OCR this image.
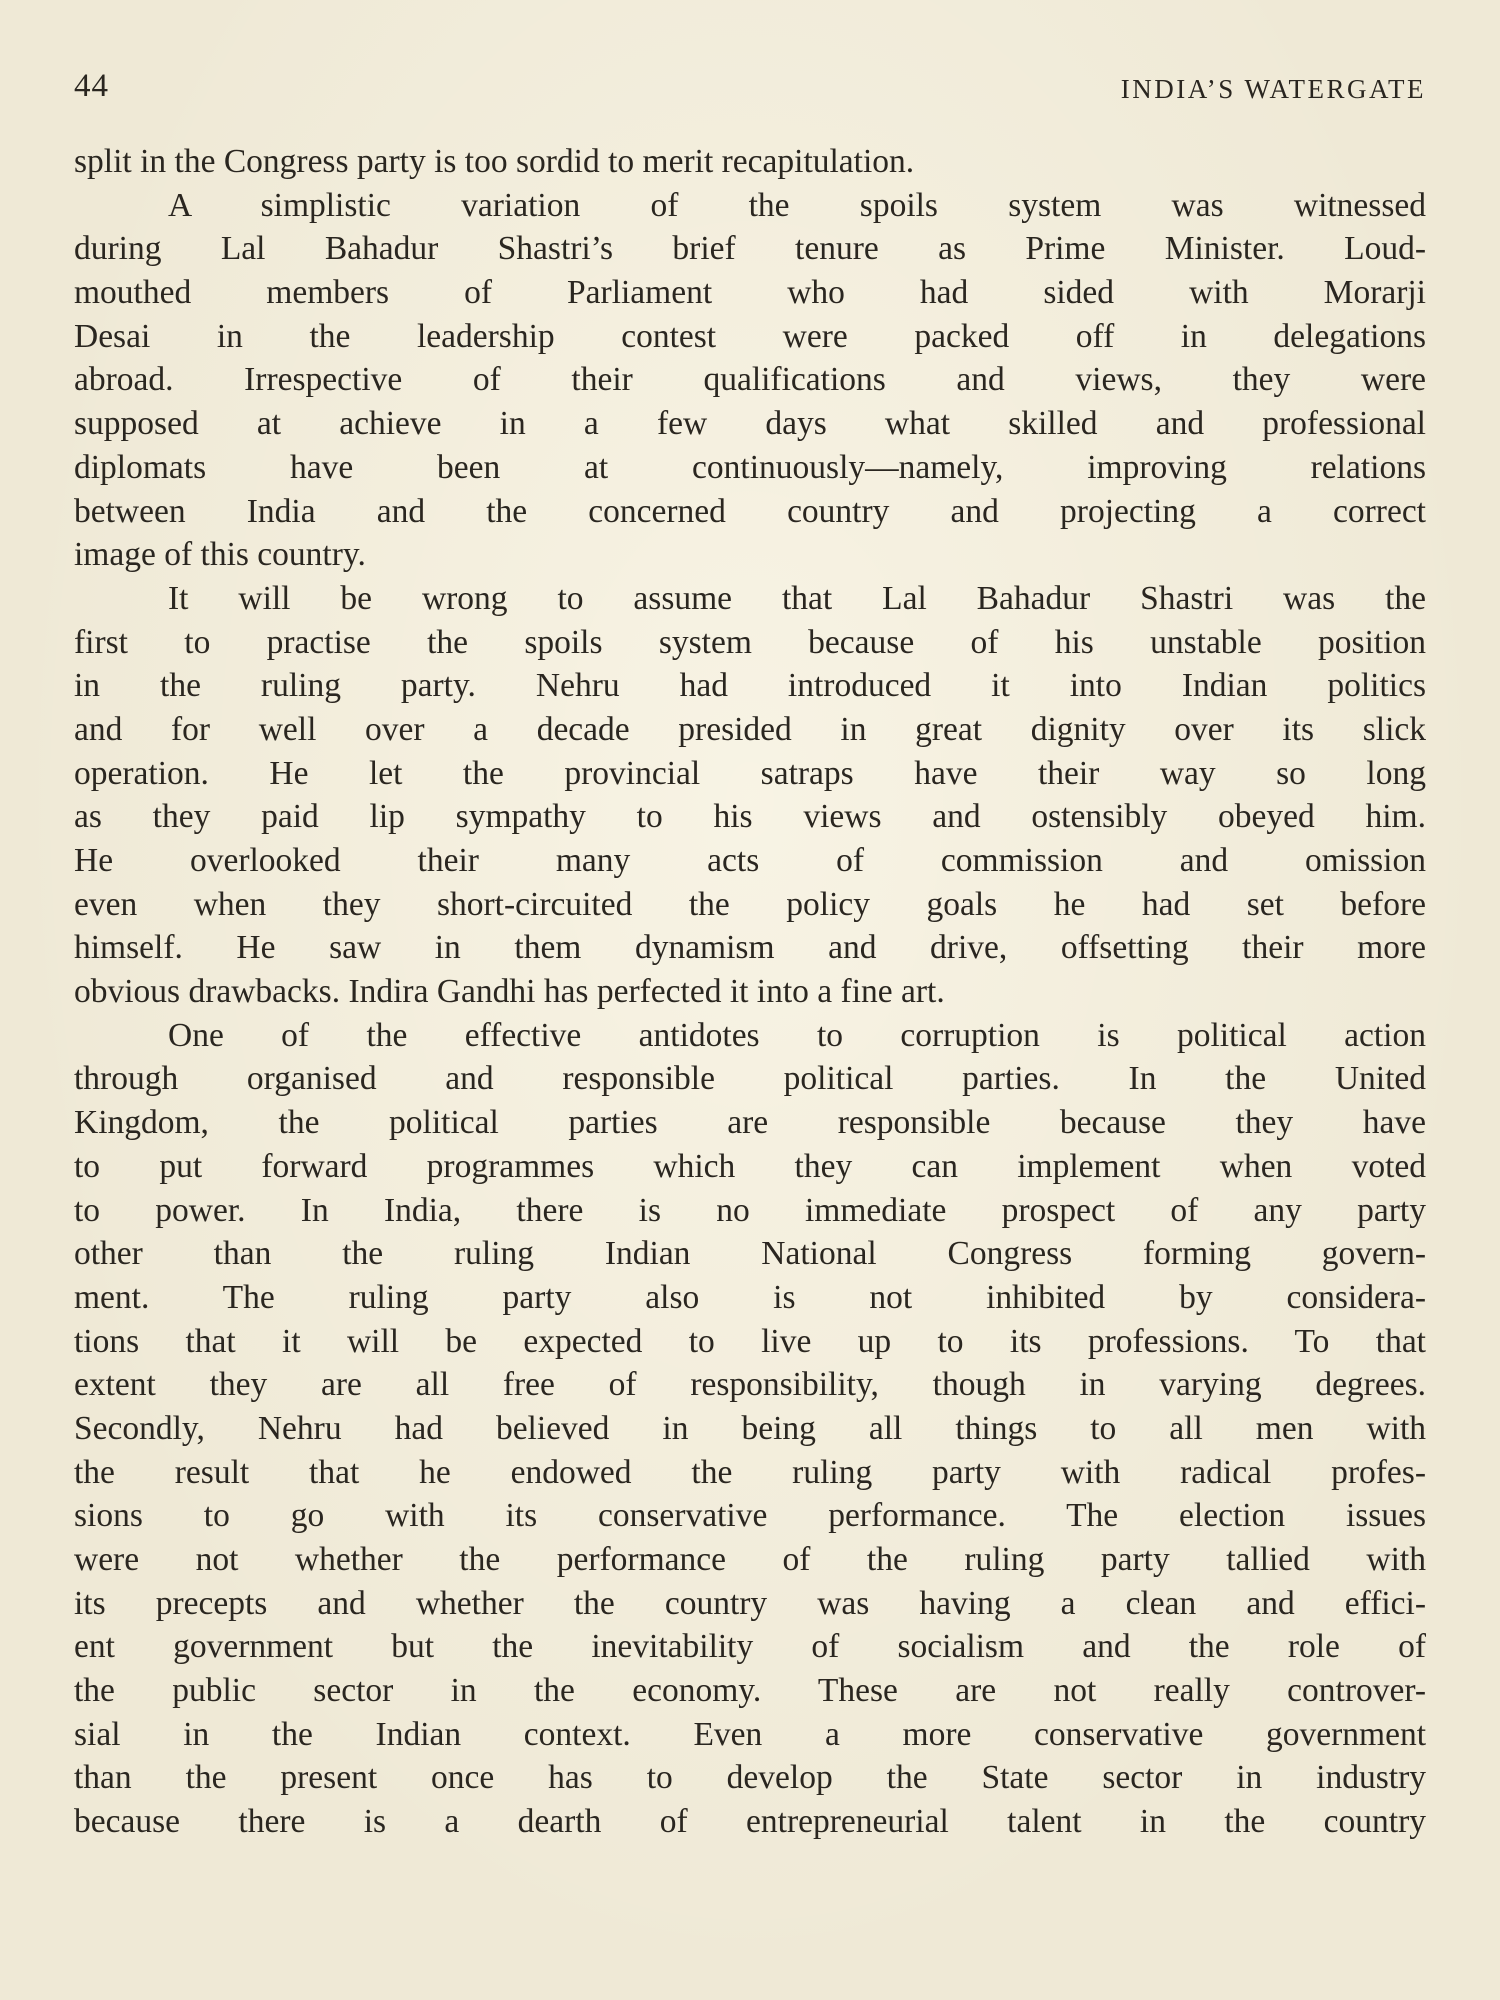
44	INDIA’S WATERGATE
split in the Congress party is too sordid to merit recapitulation.
A simplistic variation of the spoils system was witnessed
during Lal Bahadur Shastri’s brief tenure as Prime Minister. Loud-
mouthed members of Parliament who had sided with Morarji
Desai in the leadership contest were packed off in delegations
abroad. Irrespective of their qualifications and views, they were
supposed at achieve in a few days what skilled and professional
diplomats have been at continuously—namely, improving relations
between India and the concerned country and projecting a correct
image of this country.
It will be wrong to assume that Lal Bahadur Shastri was the
first to practise the spoils system because of his unstable position
in the ruling party. Nehru had introduced it into Indian politics
and for well over a decade presided in great dignity over its slick
operation. He let the provincial satraps have their way so long
as they paid lip sympathy to his views and ostensibly obeyed him.
He overlooked their many acts of commission and omission
even when they short-circuited the policy goals he had set before
himself. He saw in them dynamism and drive, offsetting their more
obvious drawbacks. Indira Gandhi has perfected it into a fine art.
One of the effective antidotes to corruption is political action
through organised and responsible political parties. In the United
Kingdom, the political parties are responsible because they have
to put forward programmes which they can implement when voted
to power. In India, there is no immediate prospect of any party
other than the ruling Indian National Congress forming govern-
ment. The ruling party also is not inhibited by considera-
tions that it will be expected to live up to its professions. To that
extent they are all free of responsibility, though in varying degrees.
Secondly, Nehru had believed in being all things to all men with
the result that he endowed the ruling party with radical profes-
sions to go with its conservative performance. The election issues
were not whether the performance of the ruling party tallied with
its precepts and whether the country was having a clean and effici-
ent government but the inevitability of socialism and the role of
the public sector in the economy. These are not really controver-
sial in the Indian context. Even a more conservative government
than the present once has to develop the State sector in industry
because there is a dearth of entrepreneurial talent in the country
